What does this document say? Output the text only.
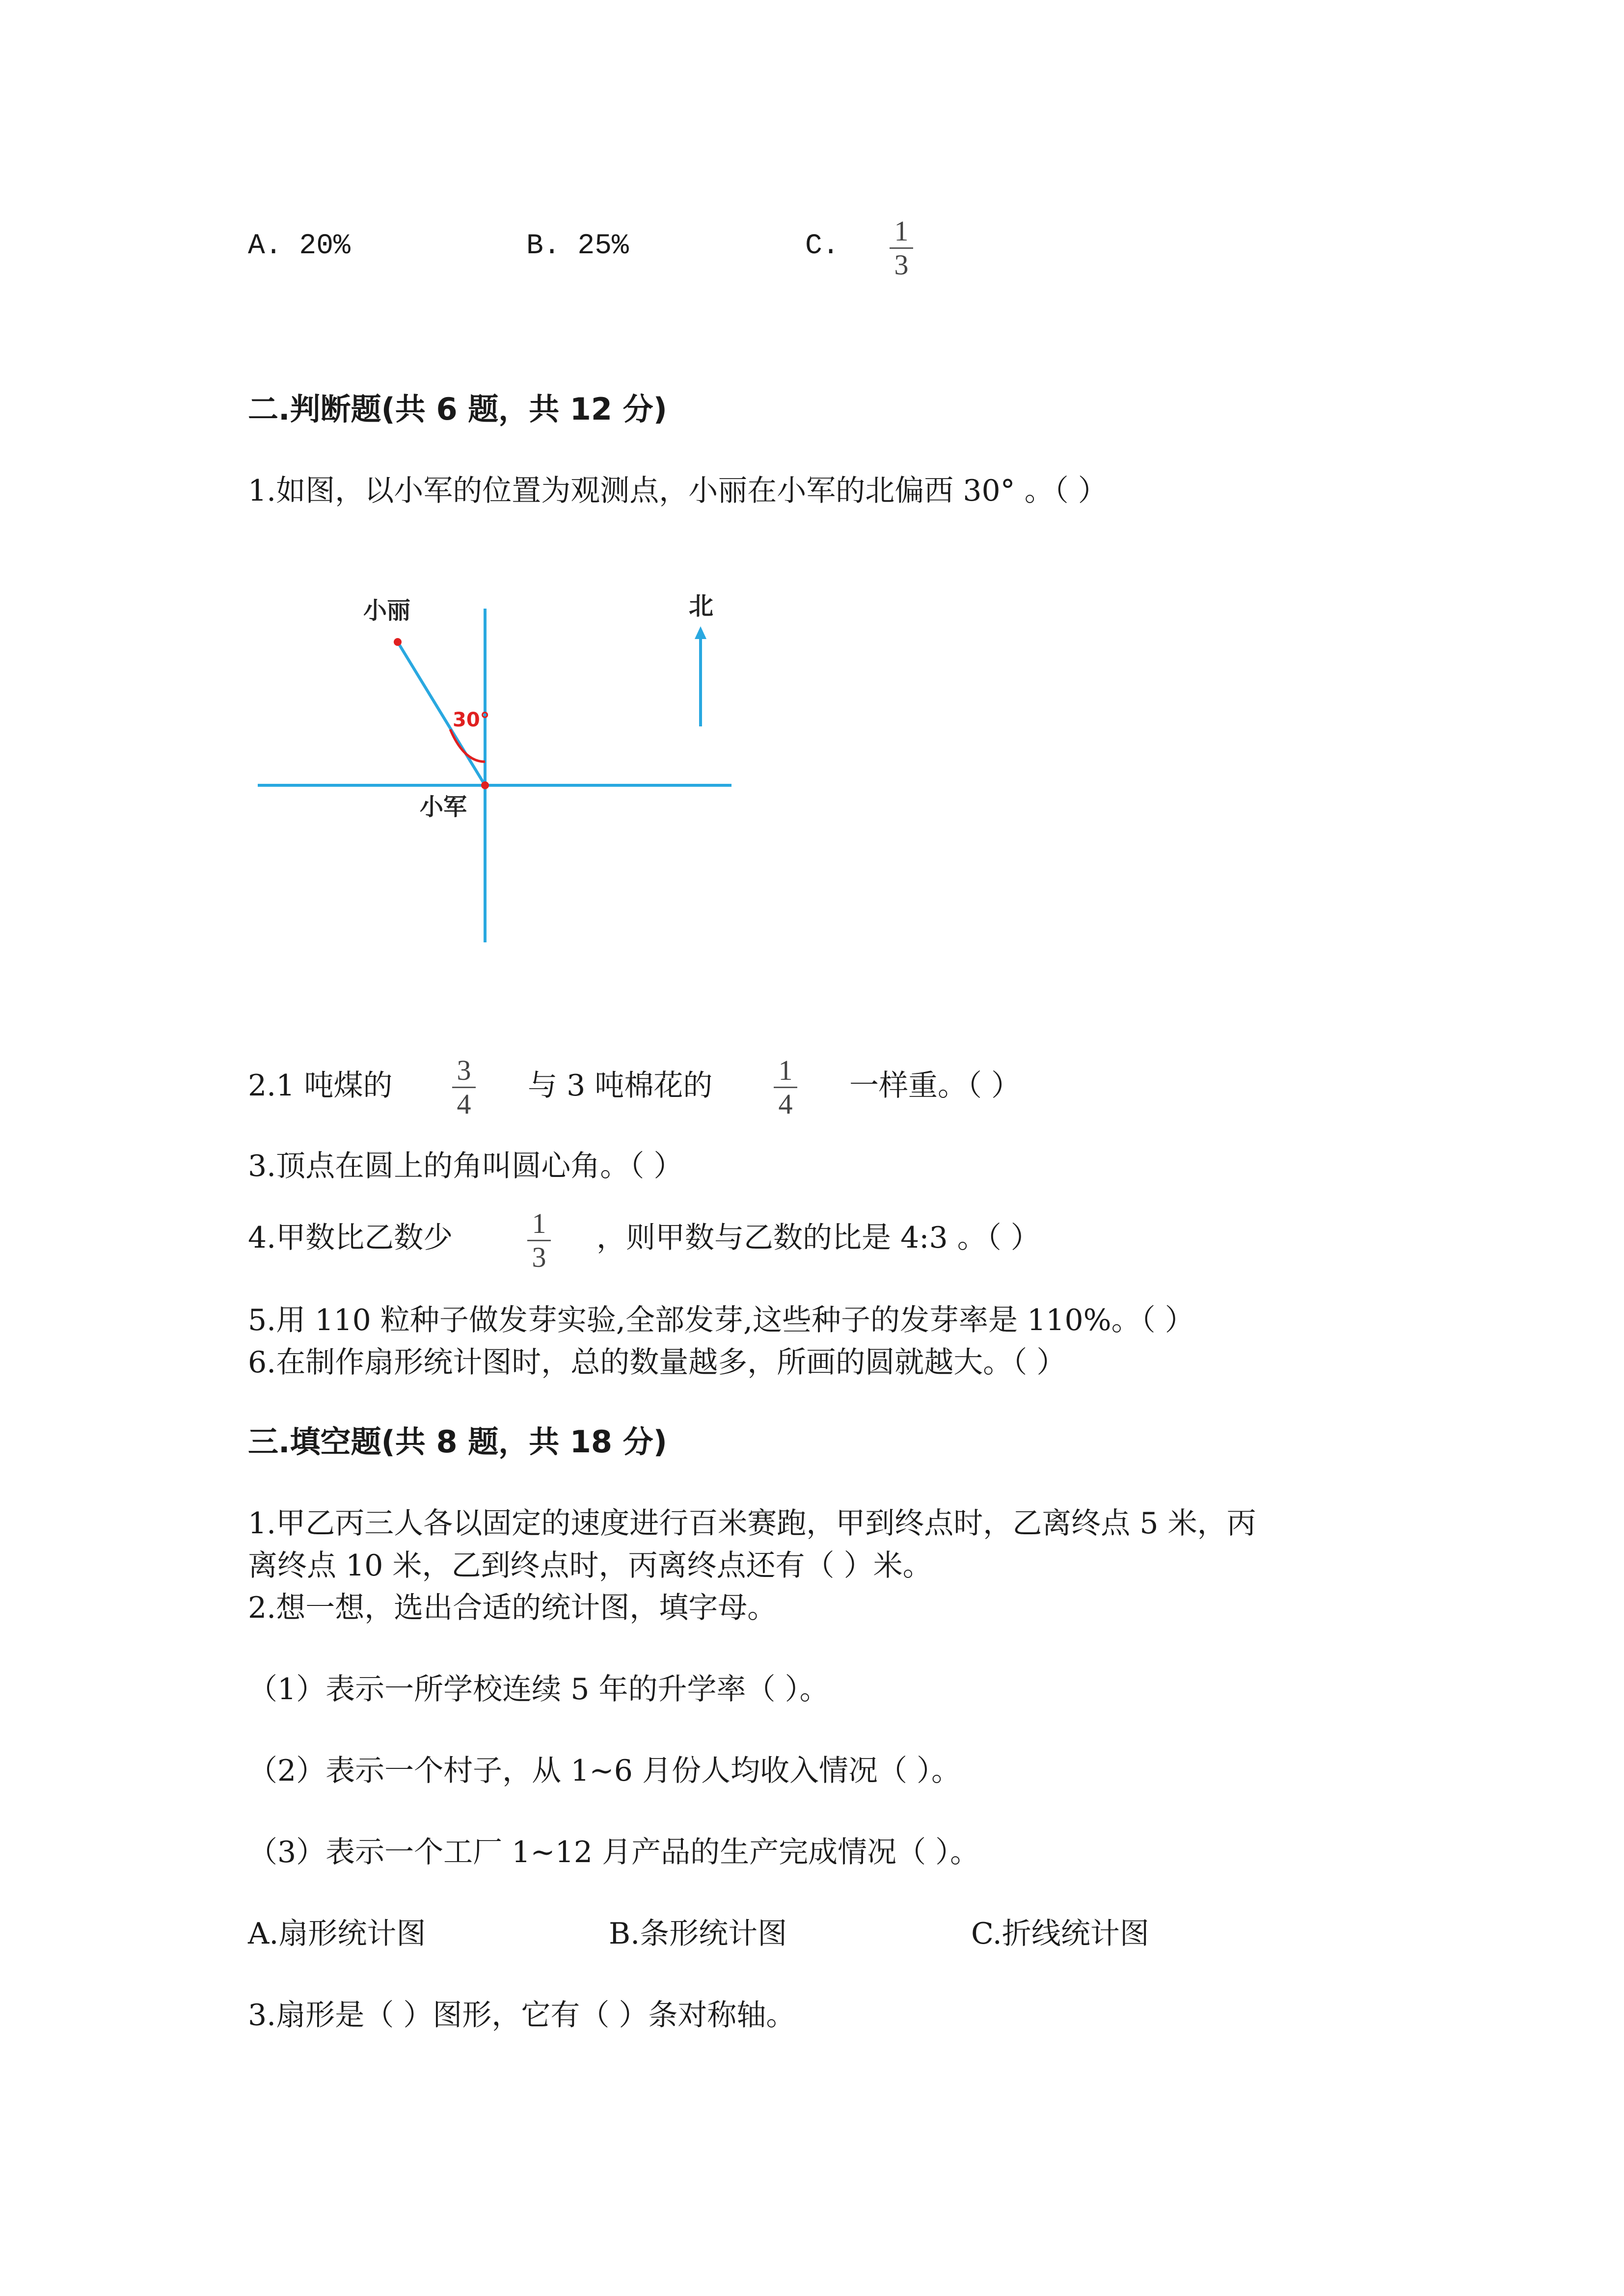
A. 20%	B. 25%	C. 1
3
二.判断题(共 6 题，共 12 分)
1.如图，以小军的位置为观测点，小丽在小军的北偏西 30° 。（ ）
30°
小丽
小军
北
2.1 吨煤的 3
4
与 3 吨棉花的 1
4
一样重。（ ）
3.顶点在圆上的角叫圆心角。（ ）
4.甲数比乙数少	1
3
，则甲数与乙数的比是 4:3 。（ ）
5.用 110 粒种子做发芽实验,全部发芽,这些种子的发芽率是 110%。（ ）
6.在制作扇形统计图时，总的数量越多，所画的圆就越大。（ ）
三.填空题(共 8 题，共 18 分)
1.甲乙丙三人各以固定的速度进行百米赛跑，甲到终点时，乙离终点 5 米，丙
离终点 10 米，乙到终点时，丙离终点还有（ ）米。
2.想一想，选出合适的统计图，填字母。
（1）表示一所学校连续 5 年的升学率（ ）。
（2）表示一个村子，从 1~6 月份人均收入情况（ ）。
（3）表示一个工厂 1~12 月产品的生产完成情况（ ）。
A.扇形统计图	B.条形统计图	C.折线统计图
3.扇形是（ ）图形，它有（ ）条对称轴。
